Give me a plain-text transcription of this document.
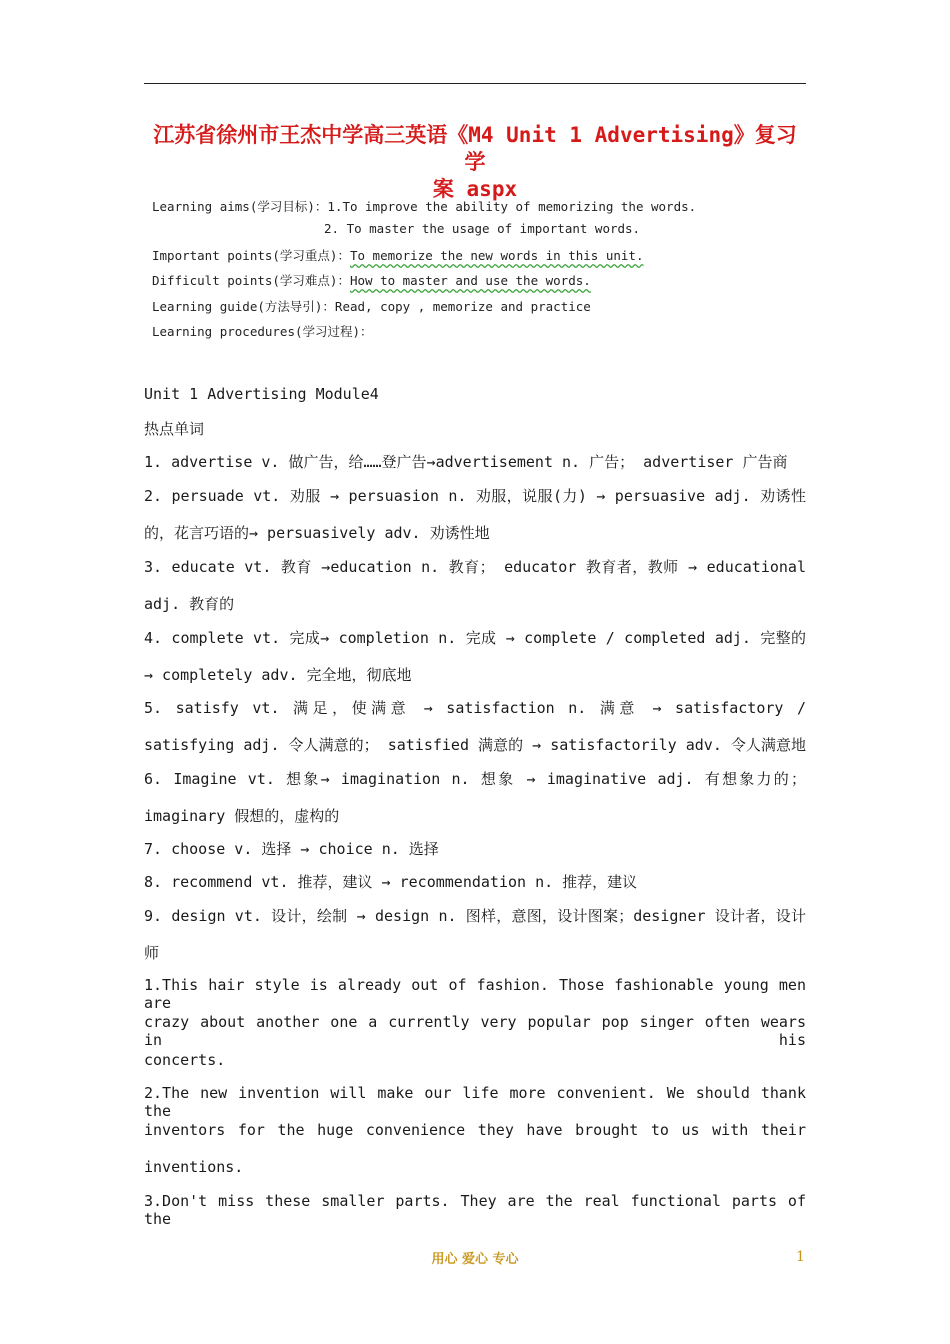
江苏省徐州市王杰中学高三英语《M4 Unit 1 Advertising》复习学
案 aspx
Learning aims(学习目标)：1.To improve the ability of memorizing the words.
2. To master the usage of important words.
Important points(学习重点)：To memorize the new words in this unit.
Difficult points(学习难点)：How to master and use the words.
Learning guide(方法导引)：Read, copy , memorize and practice
Learning procedures(学习过程)：
Unit 1 Advertising Module4
热点单词
1. advertise v. 做广告，给……登广告→advertisement n. 广告； advertiser 广告商
2. persuade vt. 劝服 → persuasion n. 劝服，说服(力) → persuasive adj. 劝诱性
的，花言巧语的→ persuasively adv. 劝诱性地
3. educate vt. 教育 →education n. 教育； educator 教育者，教师 → educational
adj. 教育的
4. complete vt. 完成→ completion n. 完成 → complete / completed adj. 完整的
→ completely adv. 完全地，彻底地
5. satisfy vt. 满足，使满意 → satisfaction n. 满意 → satisfactory /
satisfying adj. 令人满意的； satisfied 满意的 → satisfactorily adv. 令人满意地
6. Imagine vt. 想象→ imagination n. 想象 → imaginative adj. 有想象力的；
imaginary 假想的，虚构的
7. choose v. 选择 → choice n. 选择
8. recommend vt. 推荐，建议 → recommendation n. 推荐，建议
9. design vt. 设计，绘制 → design n. 图样，意图，设计图案；designer 设计者，设计
师
1.This hair style is already out of fashion. Those fashionable young men are
crazy about another one a currently very popular pop singer often wears in his
concerts.
2.The new invention will make our life more convenient. We should thank the
inventors for the huge convenience they have brought to us with their
inventions.
3.Don't miss these smaller parts. They are the real functional parts of the
用心 爱心 专心	1
